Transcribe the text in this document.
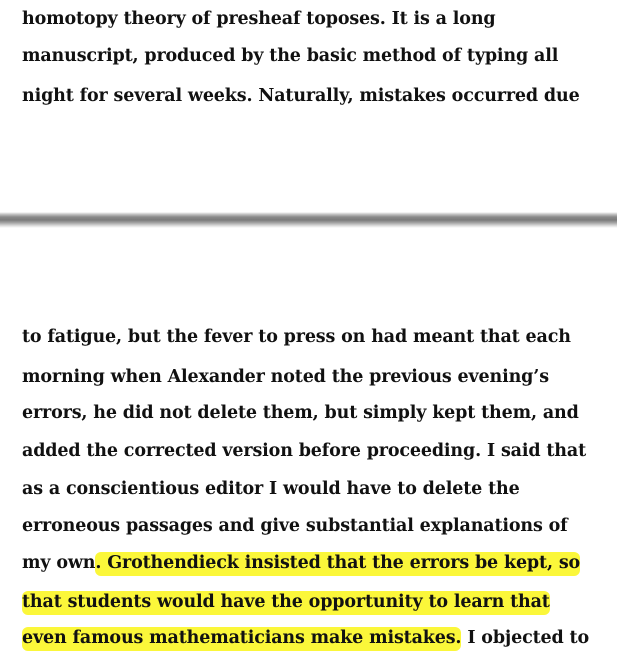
homotopy theory of presheaf toposes. It is a long
manuscript, produced by the basic method of typing all
night for several weeks. Naturally, mistakes occurred due
to fatigue, but the fever to press on had meant that each
morning when Alexander noted the previous evening’s
errors, he did not delete them, but simply kept them, and
added the corrected version before proceeding. I said that
as a conscientious editor I would have to delete the
erroneous passages and give substantial explanations of
my own. Grothendieck insisted that the errors be kept, so
that students would have the opportunity to learn that
even famous mathematicians make mistakes. I objected to
